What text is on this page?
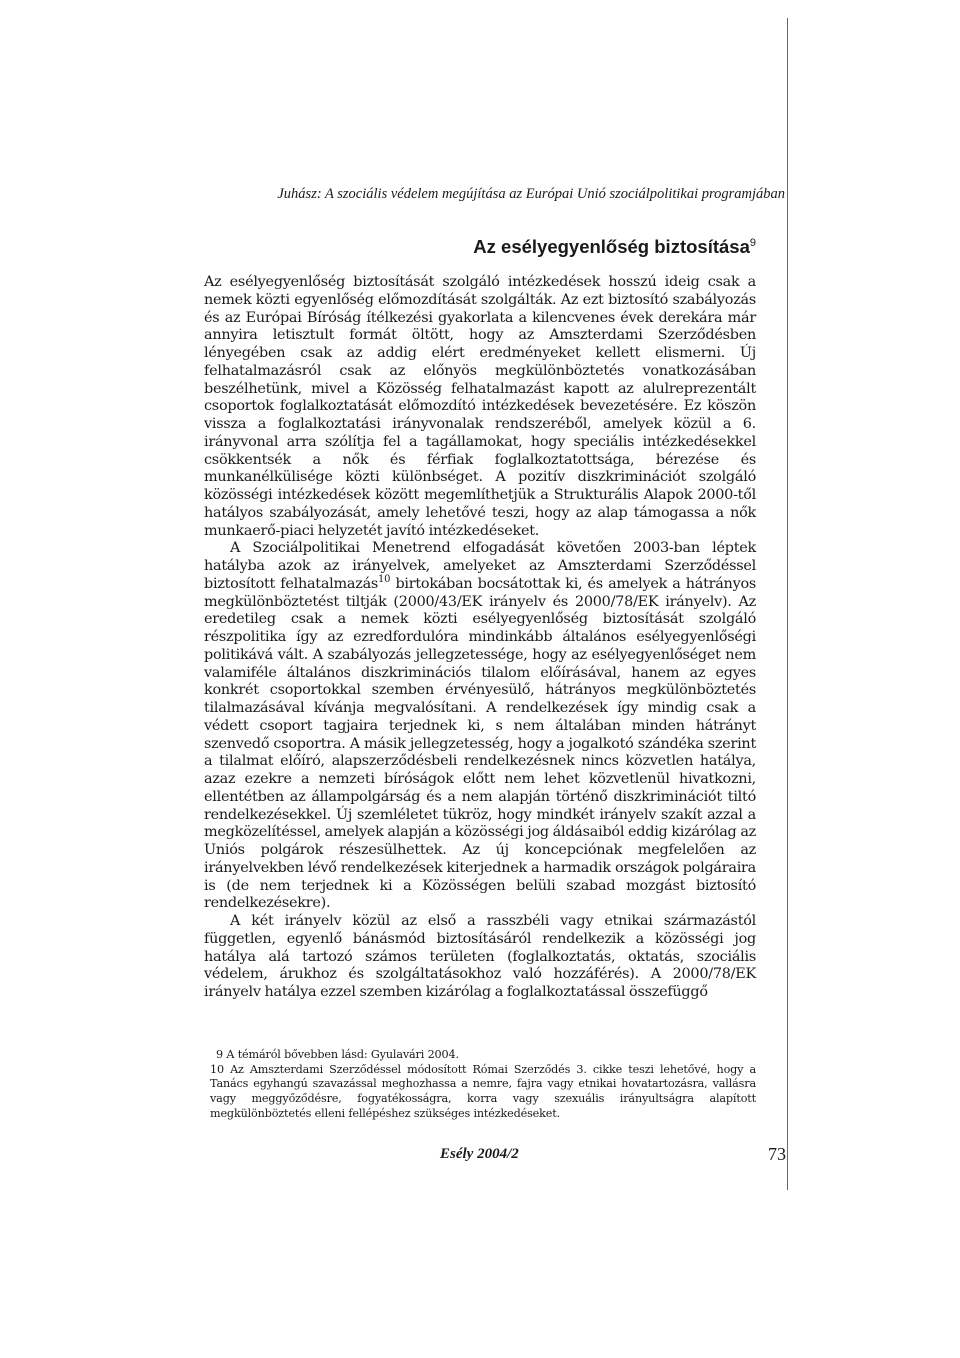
Juhász: A szociális védelem megújítása az Európai Unió szociálpolitikai programjában
Az esélyegyenlőség biztosítása$^9$

Az esélyegyenlőség biztosítását szolgáló intézkedések hosszú ideig csak a nemek közti egyenlőség előmozdítását szolgálták. Az ezt biztosító szabályozás és az Európai Bíróság ítélkezési gyakorlata a kilencvenes évek derekára már annyira letisztult formát öltött, hogy az Amszterdami Szerződésben lényegében csak az addig elért eredményeket kellett elismerni. Új felhatalmazásról csak az előnyös megkülönböztetés vonatkozásában beszélhetünk, mivel a Közösség felhatalmazást kapott az alulreprezentált csoportok foglalkoztatását előmozdító intézkedések bevezetésére. Ez köszön vissza a foglalkoztatási irányvonalak rendszeréből, amelyek közül a 6. irányvonal arra szólítja fel a tagállamokat, hogy speciális intézkedésekkel csökkentsék a nők és férfiak foglalkoztatottsága, bérezése és munkanélkülisége közti különbséget. A pozitív diszkriminációt szolgáló közösségi intézkedések között megemlíthetjük a Strukturális Alapok 2000-től hatályos szabályozását, amely lehetővé teszi, hogy az alap támogassa a nők munkaerő-piaci helyzetét javító intézkedéseket.

A Szociálpolitikai Menetrend elfogadását követően 2003-ban léptek hatályba azok az irányelvek, amelyeket az Amszterdami Szerződéssel biztosított felhatalmazás$^{10}$ birtokában bocsátottak ki, és amelyek a hátrányos megkülönböztetést tiltják (2000/43/EK irányelv és 2000/78/EK irányelv). Az eredetileg csak a nemek közti esélyegyenlőség biztosítását szolgáló részpolitika így az ezredfordulóra mindinkább általános esélyegyenlőségi politikává vált. A szabályozás jellegzetessége, hogy az esélyegyenlőséget nem valamiféle általános diszkriminációs tilalom előírásával, hanem az egyes konkrét csoportokkal szemben érvényesülő, hátrányos megkülönböztetés tilalmazásával kívánja megvalósítani. A rendelkezések így mindig csak a védett csoport tagjaira terjednek ki, s nem általában minden hátrányt szenvedő csoportra. A másik jellegzetesség, hogy a jogalkotó szándéka szerint a tilalmat előíró, alapszerződésbeli rendelkezésnek nincs közvetlen hatálya, azaz ezekre a nemzeti bíróságok előtt nem lehet közvetlenül hivatkozni, ellentétben az állampolgárság és a nem alapján történő diszkriminációt tiltó rendelkezésekkel. Új szemléletet tükröz, hogy mindkét irányelv szakít azzal a megközelítéssel, amelyek alapján a közösségi jog áldásaiból eddig kizárólag az Uniós polgárok részesülhettek. Az új koncepciónak megfelelően az irányelvekben lévő rendelkezések kiterjednek a harmadik országok polgáraira is (de nem terjednek ki a Közösségen belüli szabad mozgást biztosító rendelkezésekre).

A két irányelv közül az első a rasszbéli vagy etnikai származástól független, egyenlő bánásmód biztosításáról rendelkezik a közösségi jog hatálya alá tartozó számos területen (foglalkoztatás, oktatás, szociális védelem, árukhoz és szolgáltatásokhoz való hozzáférés). A 2000/78/EK irányelv hatálya ezzel szemben kizárólag a foglalkoztatással összefüggő

9 A témáról bővebben lásd: Gyulavári 2004.

10 Az Amszterdami Szerződéssel módosított Római Szerződés 3. cikke teszi lehetővé, hogy a Tanács egyhangú szavazással meghozhassa a nemre, fajra vagy etnikai hovatartozásra, vallásra vagy meggyőződésre, fogyatékosságra, korra vagy szexuális irányultságra alapított megkülönböztetés elleni fellépéshez szükséges intézkedéseket.

Esély 2004/2	73
